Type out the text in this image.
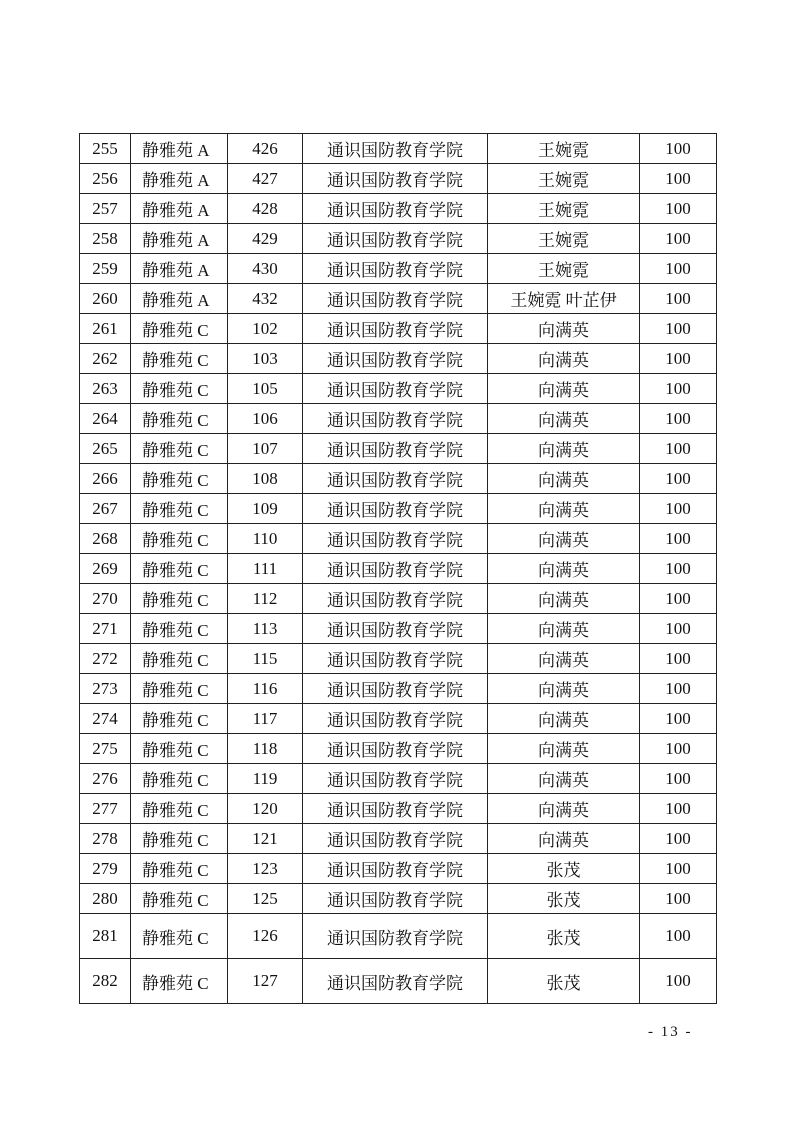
255	静雅苑 A	426	通识国防教育学院	王婉霓	100
256	静雅苑 A	427	通识国防教育学院	王婉霓	100
257	静雅苑 A	428	通识国防教育学院	王婉霓	100
258	静雅苑 A	429	通识国防教育学院	王婉霓	100
259	静雅苑 A	430	通识国防教育学院	王婉霓	100
260	静雅苑 A	432	通识国防教育学院	王婉霓 叶芷伊	100
261	静雅苑 C	102	通识国防教育学院	向满英	100
262	静雅苑 C	103	通识国防教育学院	向满英	100
263	静雅苑 C	105	通识国防教育学院	向满英	100
264	静雅苑 C	106	通识国防教育学院	向满英	100
265	静雅苑 C	107	通识国防教育学院	向满英	100
266	静雅苑 C	108	通识国防教育学院	向满英	100
267	静雅苑 C	109	通识国防教育学院	向满英	100
268	静雅苑 C	110	通识国防教育学院	向满英	100
269	静雅苑 C	111	通识国防教育学院	向满英	100
270	静雅苑 C	112	通识国防教育学院	向满英	100
271	静雅苑 C	113	通识国防教育学院	向满英	100
272	静雅苑 C	115	通识国防教育学院	向满英	100
273	静雅苑 C	116	通识国防教育学院	向满英	100
274	静雅苑 C	117	通识国防教育学院	向满英	100
275	静雅苑 C	118	通识国防教育学院	向满英	100
276	静雅苑 C	119	通识国防教育学院	向满英	100
277	静雅苑 C	120	通识国防教育学院	向满英	100
278	静雅苑 C	121	通识国防教育学院	向满英	100
279	静雅苑 C	123	通识国防教育学院	张茂	100
280	静雅苑 C	125	通识国防教育学院	张茂	100
281	静雅苑 C	126	通识国防教育学院	张茂	100
282	静雅苑 C	127	通识国防教育学院	张茂	100
- 13 -
